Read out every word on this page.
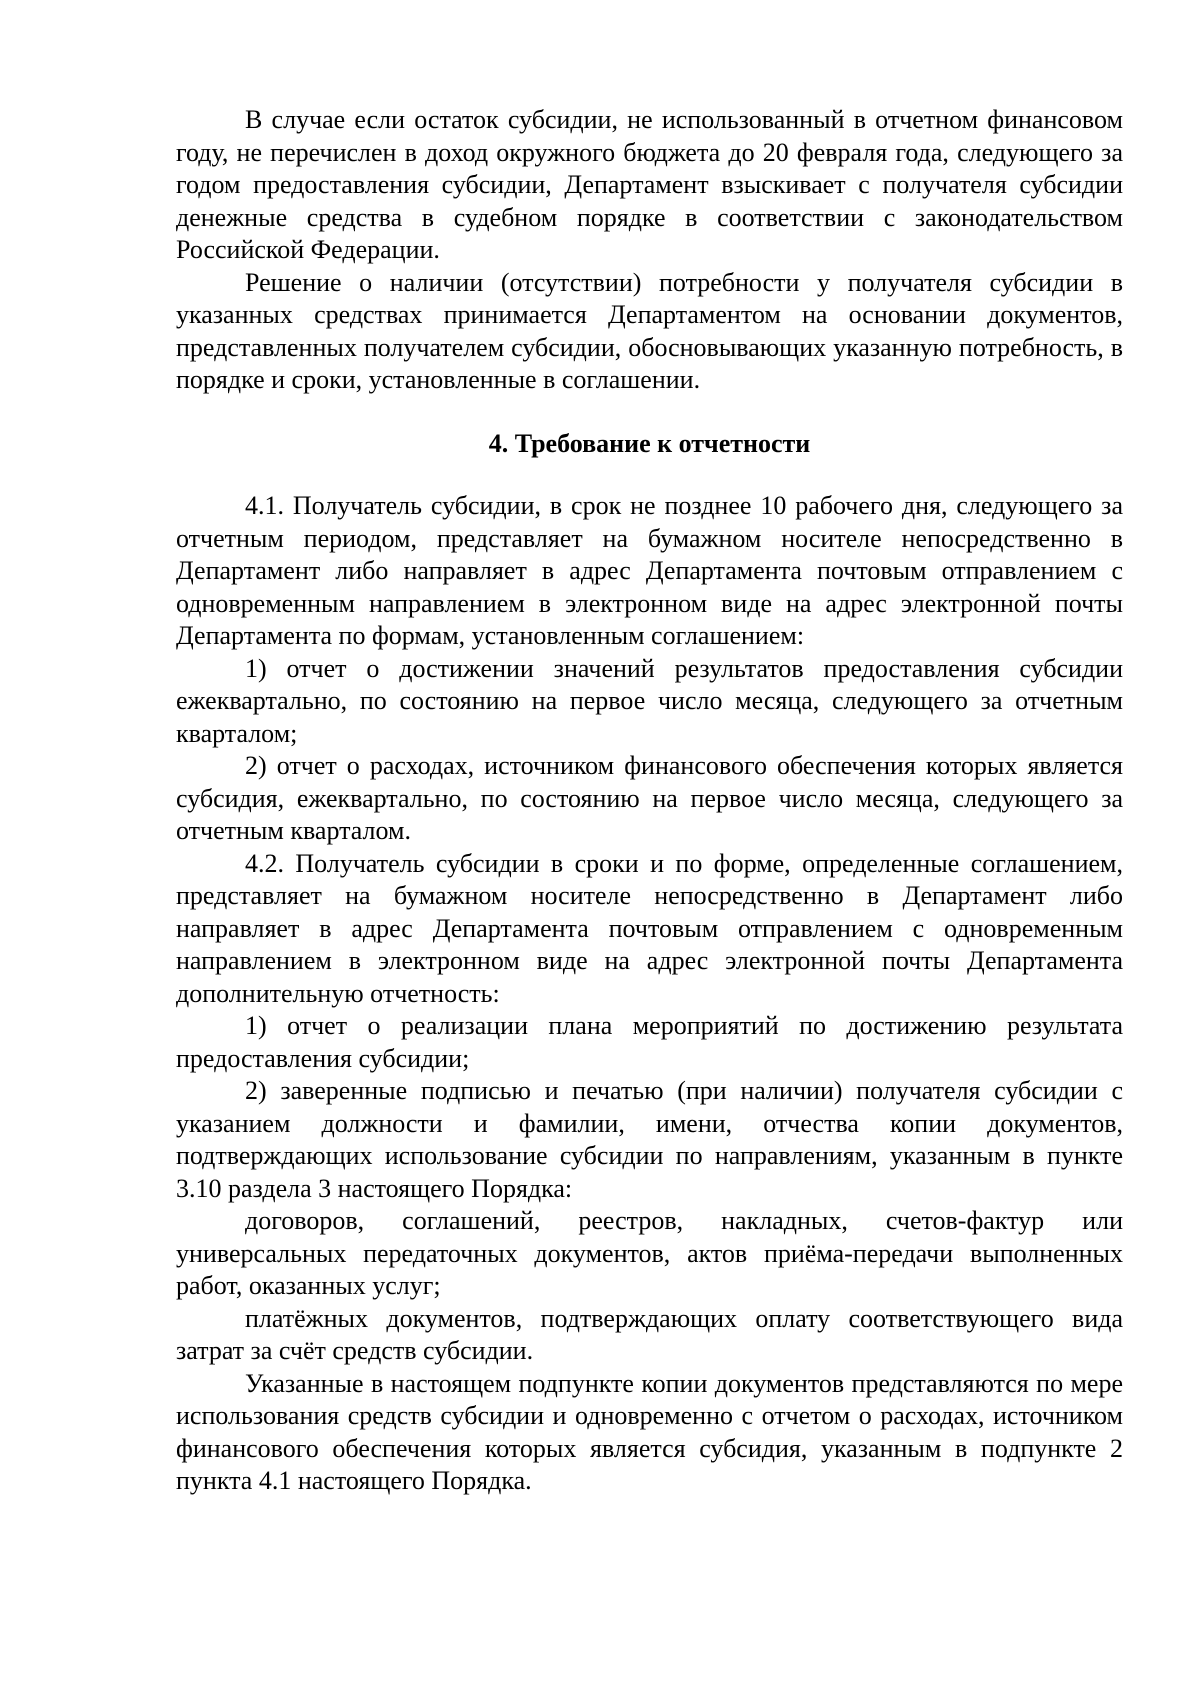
В случае если остаток субсидии, не использованный в отчетном финансовом году, не перечислен в доход окружного бюджета до 20 февраля года, следующего за годом предоставления субсидии, Департамент взыскивает с получателя субсидии денежные средства в судебном порядке в соответствии с законодательством Российской Федерации.

Решение о наличии (отсутствии) потребности у получателя субсидии в указанных средствах принимается Департаментом на основании документов, представленных получателем субсидии, обосновывающих указанную потребность, в порядке и сроки, установленные в соглашении.

4. Требование к отчетности

4.1. Получатель субсидии, в срок не позднее 10 рабочего дня, следующего за отчетным периодом, представляет на бумажном носителе непосредственно в Департамент либо направляет в адрес Департамента почтовым отправлением с одновременным направлением в электронном виде на адрес электронной почты Департамента по формам, установленным соглашением:

1) отчет о достижении значений результатов предоставления субсидии ежеквартально, по состоянию на первое число месяца, следующего за отчетным кварталом;

2) отчет о расходах, источником финансового обеспечения которых является субсидия, ежеквартально, по состоянию на первое число месяца, следующего за отчетным кварталом.

4.2. Получатель субсидии в сроки и по форме, определенные соглашением, представляет на бумажном носителе непосредственно в Департамент либо направляет в адрес Департамента почтовым отправлением с одновременным направлением в электронном виде на адрес электронной почты Департамента дополнительную отчетность:

1) отчет о реализации плана мероприятий по достижению результата предоставления субсидии;

2) заверенные подписью и печатью (при наличии) получателя субсидии с указанием должности и фамилии, имени, отчества копии документов, подтверждающих использование субсидии по направлениям, указанным в пункте 3.10 раздела 3 настоящего Порядка:

договоров, соглашений, реестров, накладных, счетов-фактур или универсальных передаточных документов, актов приёма-передачи выполненных работ, оказанных услуг;

платёжных документов, подтверждающих оплату соответствующего вида затрат за счёт средств субсидии.

Указанные в настоящем подпункте копии документов представляются по мере использования средств субсидии и одновременно с отчетом о расходах, источником финансового обеспечения которых является субсидия, указанным в подпункте 2 пункта 4.1 настоящего Порядка.
